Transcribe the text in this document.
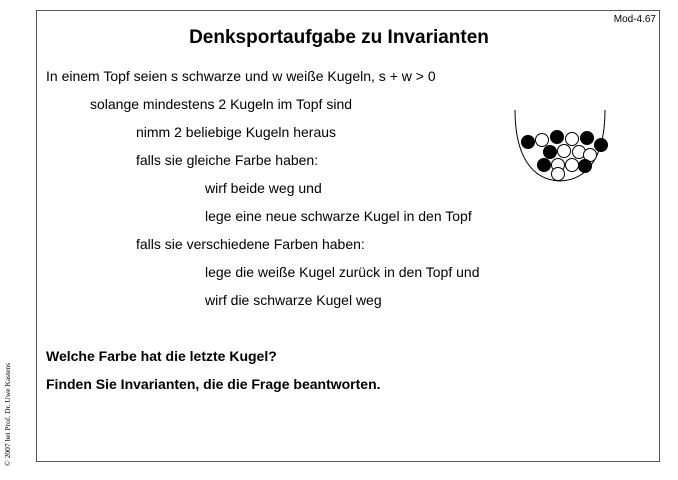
Mod-4.67
Denksportaufgabe zu Invarianten
In einem Topf seien s schwarze und w weiße Kugeln, s + w > 0
solange mindestens 2 Kugeln im Topf sind
nimm 2 beliebige Kugeln heraus
falls sie gleiche Farbe haben:
wirf beide weg und
lege eine neue schwarze Kugel in den Topf
falls sie verschiedene Farben haben:
lege die weiße Kugel zurück in den Topf und
wirf die schwarze Kugel weg
Welche Farbe hat die letzte Kugel?
Finden Sie Invarianten, die die Frage beantworten.
© 2007 bei Prof. Dr. Uwe Kastens
